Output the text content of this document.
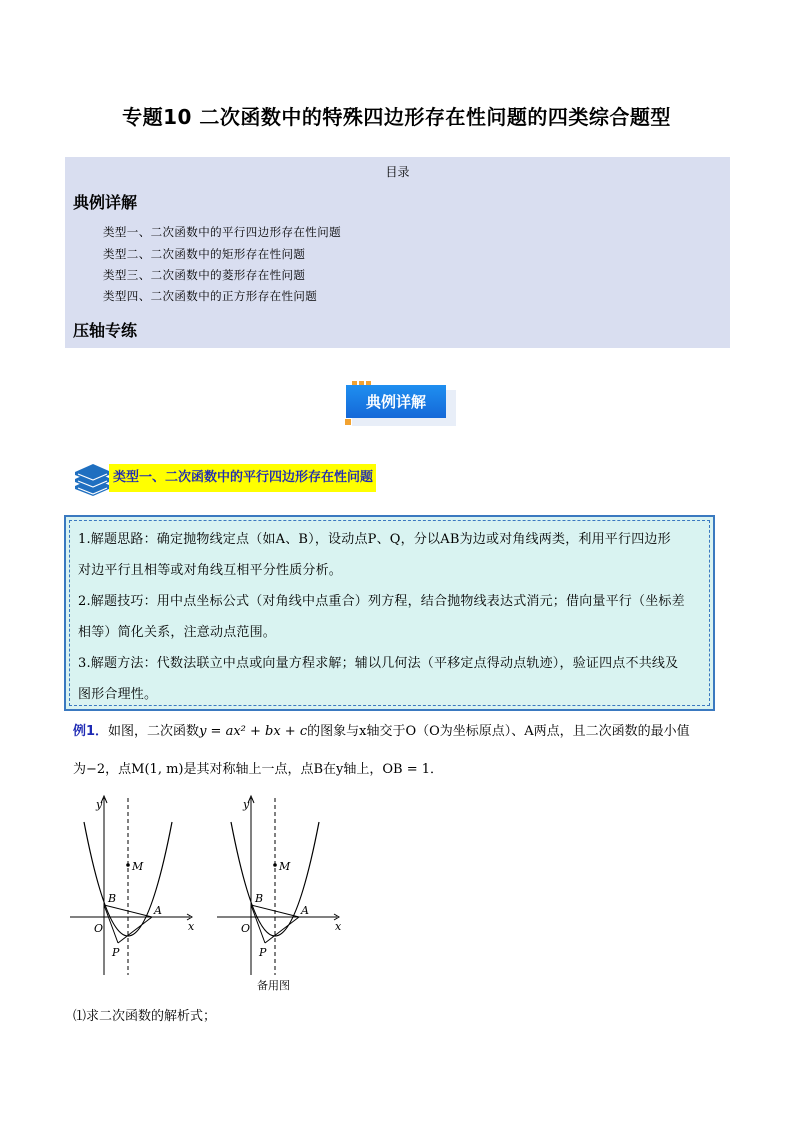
专题10 二次函数中的特殊四边形存在性问题的四类综合题型
目录
典例详解
类型一、二次函数中的平行四边形存在性问题
类型二、二次函数中的矩形存在性问题
类型三、二次函数中的菱形存在性问题
类型四、二次函数中的正方形存在性问题
压轴专练
典例详解
类型一、二次函数中的平行四边形存在性问题
1.解题思路：确定抛物线定点（如A、B），设动点P、Q，分以AB为边或对角线两类，利用平行四边形
对边平行且相等或对角线互相平分性质分析。
2.解题技巧：用中点坐标公式（对角线中点重合）列方程，结合抛物线表达式消元；借向量平行（坐标差
相等）简化关系，注意动点范围。
3.解题方法：代数法联立中点或向量方程求解；辅以几何法（平移定点得动点轨迹），验证四点不共线及
图形合理性。
例1．如图，二次函数y = ax² + bx + c的图象与x轴交于O（O为坐标原点）、A两点，且二次函数的最小值
为−2，点M(1, m)是其对称轴上一点，点B在y轴上，OB = 1．
y
x
O
M
B
A
P
y
x
O
M
B
A
P
备用图
⑴求二次函数的解析式；
